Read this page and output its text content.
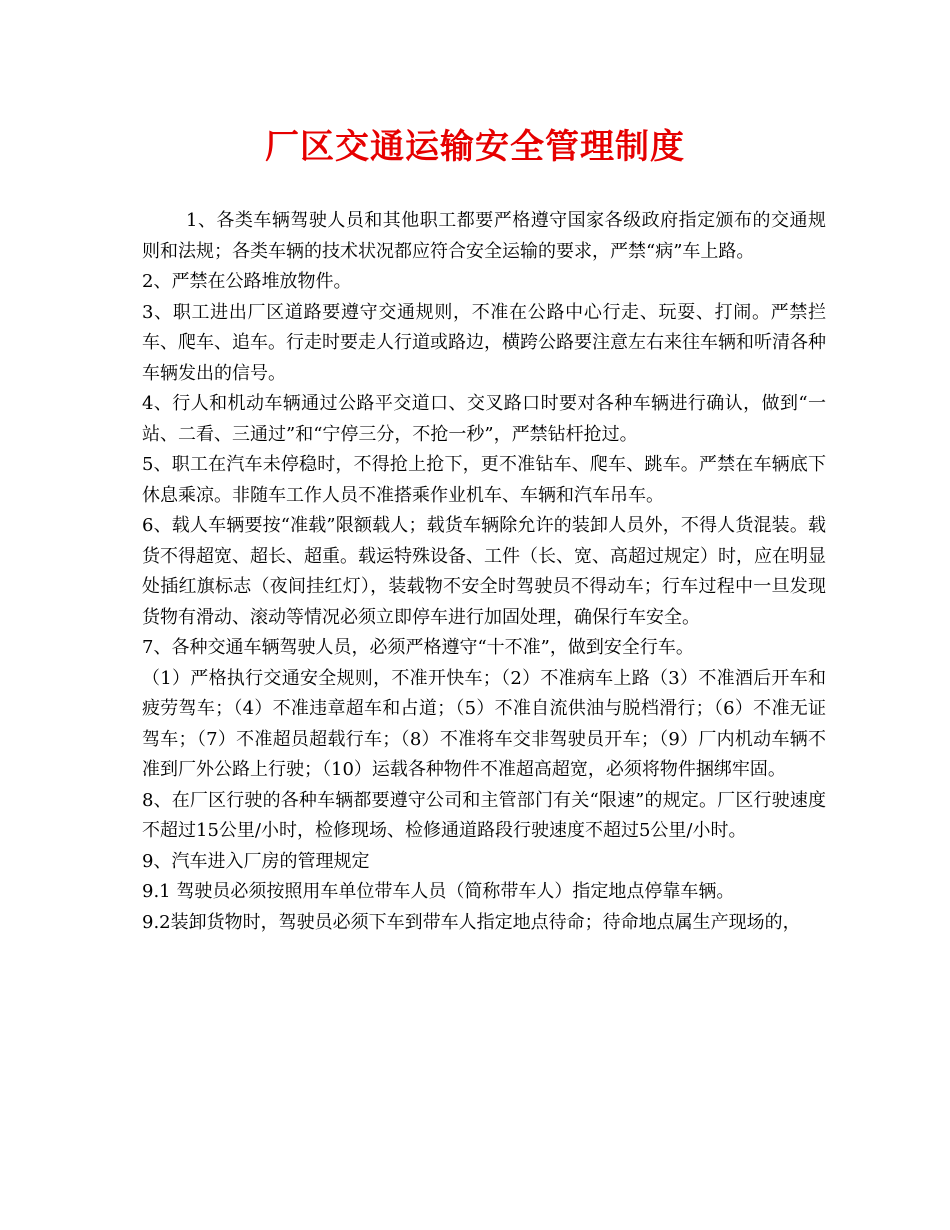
厂区交通运输安全管理制度

1、各类车辆驾驶人员和其他职工都要严格遵守国家各级政府指定颁布的交通规则和法规；各类车辆的技术状况都应符合安全运输的要求，严禁“病”车上路。

2、严禁在公路堆放物件。

3、职工进出厂区道路要遵守交通规则，不准在公路中心行走、玩耍、打闹。严禁拦车、爬车、追车。行走时要走人行道或路边，横跨公路要注意左右来往车辆和听清各种车辆发出的信号。

4、行人和机动车辆通过公路平交道口、交叉路口时要对各种车辆进行确认，做到“一站、二看、三通过”和“宁停三分，不抢一秒”，严禁钻杆抢过。

5、职工在汽车未停稳时，不得抢上抢下，更不准钻车、爬车、跳车。严禁在车辆底下休息乘凉。非随车工作人员不准搭乘作业机车、车辆和汽车吊车。

6、载人车辆要按“准载”限额载人；载货车辆除允许的装卸人员外，不得人货混装。载货不得超宽、超长、超重。载运特殊设备、工件（长、宽、高超过规定）时，应在明显处插红旗标志（夜间挂红灯），装载物不安全时驾驶员不得动车；行车过程中一旦发现货物有滑动、滚动等情况必须立即停车进行加固处理，确保行车安全。

7、各种交通车辆驾驶人员，必须严格遵守“十不准”，做到安全行车。

（1）严格执行交通安全规则，不准开快车；（2）不准病车上路（3）不准酒后开车和疲劳驾车；（4）不准违章超车和占道；（5）不准自流供油与脱档滑行；（6）不准无证驾车；（7）不准超员超载行车；（8）不准将车交非驾驶员开车；（9）厂内机动车辆不准到厂外公路上行驶；（10）运载各种物件不准超高超宽，必须将物件捆绑牢固。

8、在厂区行驶的各种车辆都要遵守公司和主管部门有关“限速”的规定。厂区行驶速度不超过15公里/小时，检修现场、检修通道路段行驶速度不超过5公里/小时。

9、汽车进入厂房的管理规定

9.1 驾驶员必须按照用车单位带车人员（简称带车人）指定地点停靠车辆。

9.2装卸货物时，驾驶员必须下车到带车人指定地点待命；待命地点属生产现场的，
